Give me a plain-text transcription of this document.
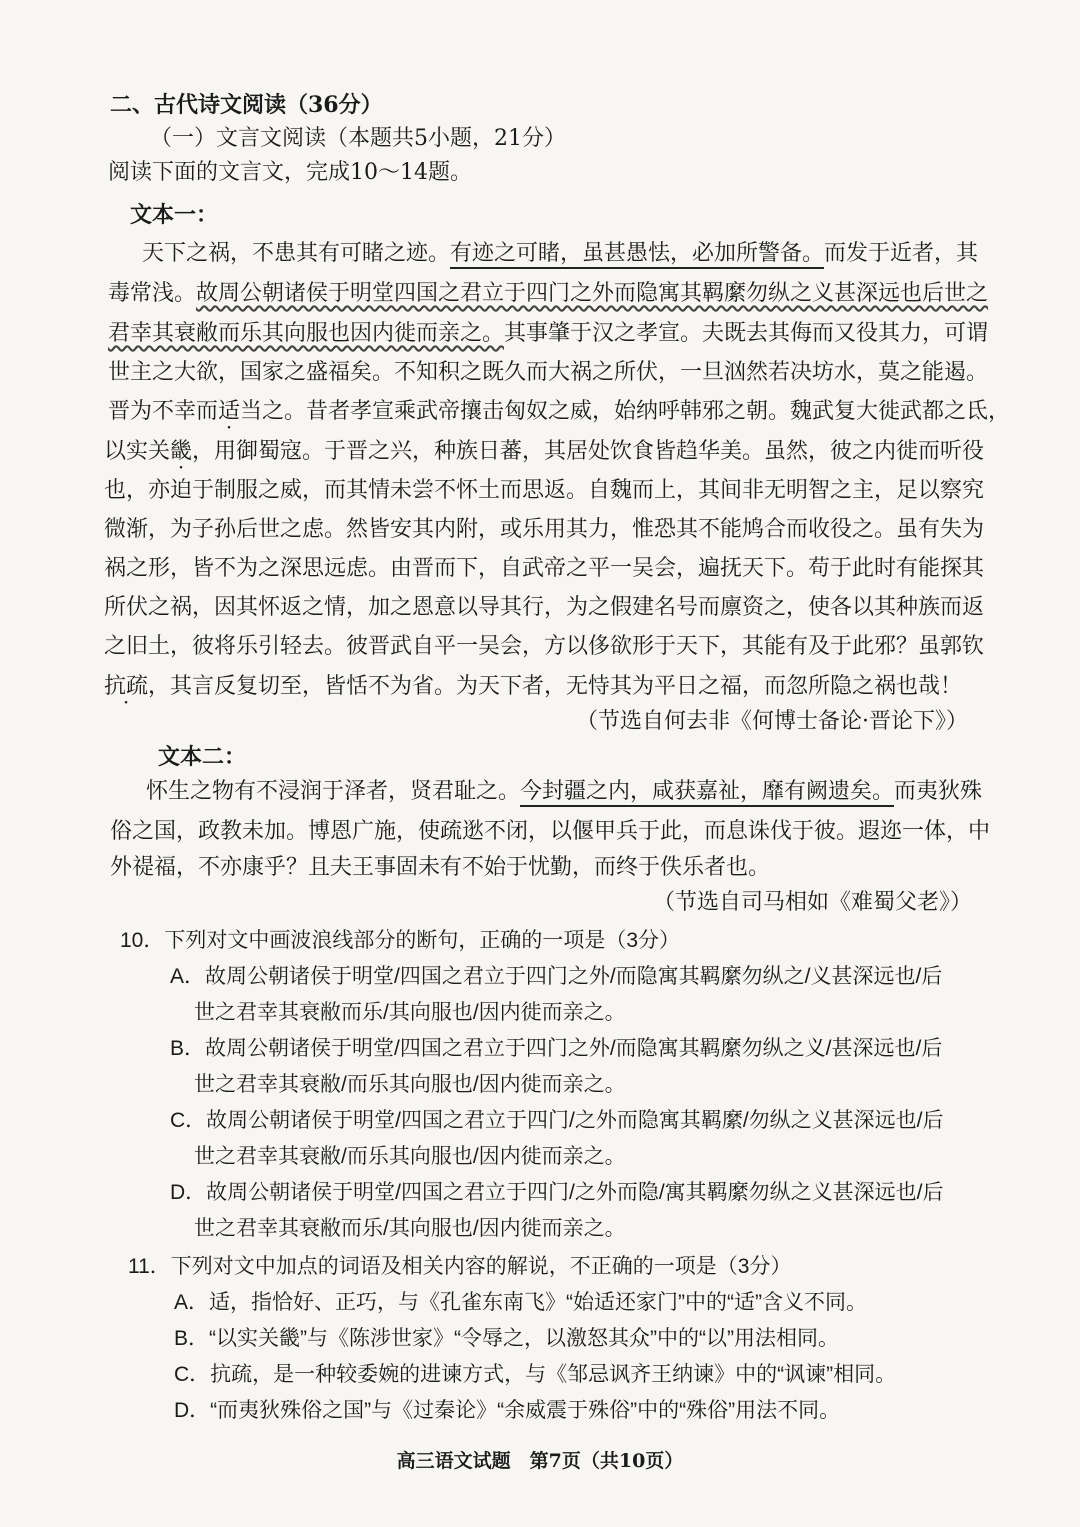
二、古代诗文阅读（36分）
（一）文言文阅读（本题共5小题，21分）
阅读下面的文言文，完成10～14题。
文本一：
天下之祸，不患其有可睹之迹。有迹之可睹，虽甚愚怯，必加所警备。而发于近者，其
毒常浅。故周公朝诸侯于明堂四国之君立于四门之外而隐寓其羁縻勿纵之义甚深远也后世之
君幸其衰敝而乐其向服也因内徙而亲之。其事肇于汉之孝宣。夫既去其侮而又役其力，可谓
世主之大欲，国家之盛福矣。不知积之既久而大祸之所伏，一旦汹然若决坊水，莫之能遏。
晋为不幸而适当之。昔者孝宣乘武帝攘击匈奴之威，始纳呼韩邪之朝。魏武复大徙武都之氐，
以实关畿，用御蜀寇。于晋之兴，种族日蕃，其居处饮食皆趋华美。虽然，彼之内徙而听役
也，亦迫于制服之威，而其情未尝不怀土而思返。自魏而上，其间非无明智之主，足以察究
微渐，为子孙后世之虑。然皆安其内附，或乐用其力，惟恐其不能鸠合而收役之。虽有失为
祸之形，皆不为之深思远虑。由晋而下，自武帝之平一吴会，遍抚天下。苟于此时有能探其
所伏之祸，因其怀返之情，加之恩意以导其行，为之假建名号而廪资之，使各以其种族而返
之旧土，彼将乐引轻去。彼晋武自平一吴会，方以侈欲形于天下，其能有及于此邪？虽郭钦
抗疏，其言反复切至，皆恬不为省。为天下者，无恃其为平日之福，而忽所隐之祸也哉！
（节选自何去非《何博士备论·晋论下》）
文本二：
怀生之物有不浸润于泽者，贤君耻之。今封疆之内，咸获嘉祉，靡有阙遗矣。而夷狄殊
俗之国，政教未加。博恩广施，使疏逖不闭，以偃甲兵于此，而息诛伐于彼。遐迩一体，中
外禔福，不亦康乎？且夫王事固未有不始于忧勤，而终于佚乐者也。
（节选自司马相如《难蜀父老》）
10．下列对文中画波浪线部分的断句，正确的一项是（3分）
A．故周公朝诸侯于明堂/四国之君立于四门之外/而隐寓其羁縻勿纵之/义甚深远也/后
世之君幸其衰敝而乐/其向服也/因内徙而亲之。
B．故周公朝诸侯于明堂/四国之君立于四门之外/而隐寓其羁縻勿纵之义/甚深远也/后
世之君幸其衰敝/而乐其向服也/因内徙而亲之。
C．故周公朝诸侯于明堂/四国之君立于四门/之外而隐寓其羁縻/勿纵之义甚深远也/后
世之君幸其衰敝/而乐其向服也/因内徙而亲之。
D．故周公朝诸侯于明堂/四国之君立于四门/之外而隐/寓其羁縻勿纵之义甚深远也/后
世之君幸其衰敝而乐/其向服也/因内徙而亲之。
11．下列对文中加点的词语及相关内容的解说，不正确的一项是（3分）
A．适，指恰好、正巧，与《孔雀东南飞》“始适还家门”中的“适”含义不同。
B．“以实关畿”与《陈涉世家》“令辱之，以激怒其众”中的“以”用法相同。
C．抗疏，是一种较委婉的进谏方式，与《邹忌讽齐王纳谏》中的“讽谏”相同。
D．“而夷狄殊俗之国”与《过秦论》“余威震于殊俗”中的“殊俗”用法不同。
高三语文试题　第7页（共10页）
